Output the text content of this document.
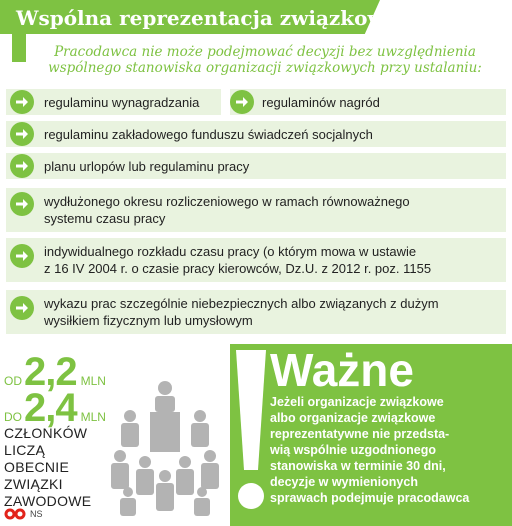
Wspólna reprezentacja związkowa
Pracodawca nie może podejmować decyzji bez uwzględnienia
wspólnego stanowiska organizacji związkowych przy ustalaniu:
regulaminu wynagradzania	regulaminów nagród
regulaminu zakładowego funduszu świadczeń socjalnych
planu urlopów lub regulaminu pracy
wydłużonego okresu rozliczeniowego w ramach równoważnego
systemu czasu pracy
indywidualnego rozkładu czasu pracy (o którym mowa w ustawie
z 16 IV 2004 r. o czasie pracy kierowców, Dz.U. z 2012 r. poz. 1155
wykazu prac szczególnie niebezpiecznych albo związanych z dużym
wysiłkiem fizycznym lub umysłowym
OD 2,2 MLN
DO 2,4 MLN
CZŁONKÓW
LICZĄ
OBECNIE
ZWIĄZKI
ZAWODOWE
Ważne
Jeżeli organizacje związkowe
albo organizacje związkowe
reprezentatywne nie przedsta-
wią wspólnie uzgodnionego
stanowiska w terminie 30 dni,
decyzje w wymienionych
sprawach podejmuje pracodawca
NS
